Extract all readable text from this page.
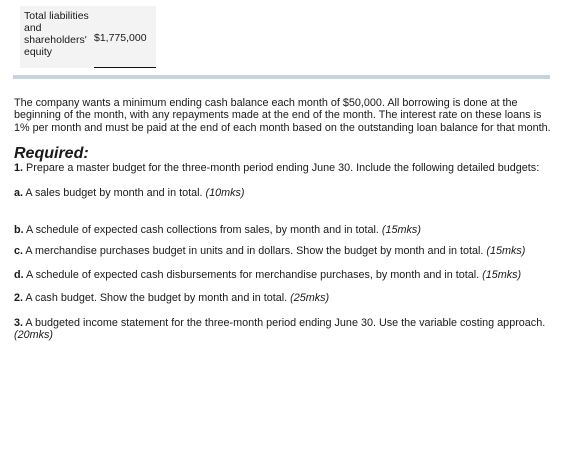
Total liabilities and shareholders' equity
$1,775,000

The company wants a minimum ending cash balance each month of $50,000. All borrowing is done at the beginning of the month, with any repayments made at the end of the month. The interest rate on these loans is 1% per month and must be paid at the end of each month based on the outstanding loan balance for that month.

Required:

1. Prepare a master budget for the three-month period ending June 30. Include the following detailed budgets:

a. A sales budget by month and in total. (10mks)

b. A schedule of expected cash collections from sales, by month and in total. (15mks)

c. A merchandise purchases budget in units and in dollars. Show the budget by month and in total. (15mks)

d. A schedule of expected cash disbursements for merchandise purchases, by month and in total. (15mks)

2. A cash budget. Show the budget by month and in total. (25mks)

3. A budgeted income statement for the three-month period ending June 30. Use the variable costing approach. (20mks)
